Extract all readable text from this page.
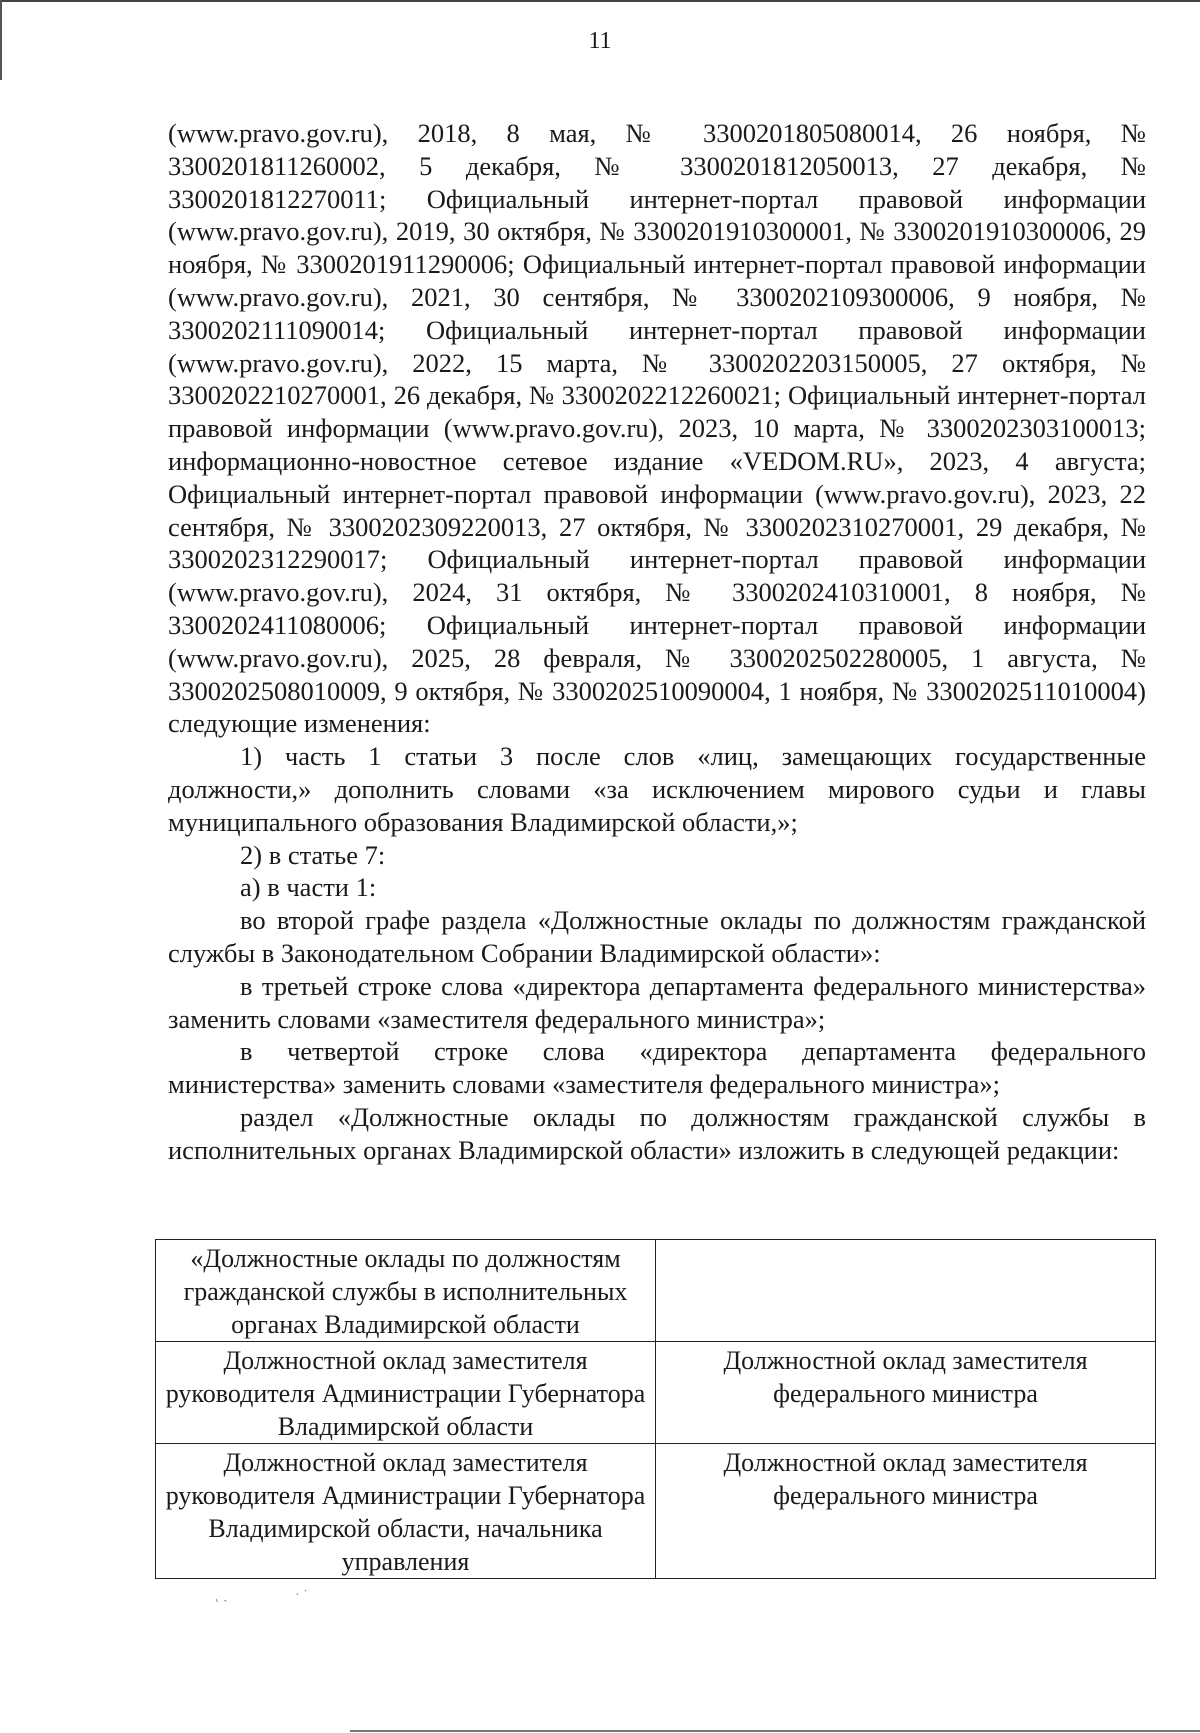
11

(www.pravo.gov.ru), 2018, 8 мая, № 3300201805080014, 26 ноября, № 3300201811260002, 5 декабря, № 3300201812050013, 27 декабря, № 3300201812270011; Официальный интернет-портал правовой информации (www.pravo.gov.ru), 2019, 30 октября, № 3300201910300001, № 3300201910300006, 29 ноября, № 3300201911290006; Официальный интернет-портал правовой информации (www.pravo.gov.ru), 2021, 30 сентября, № 3300202109300006, 9 ноября, № 3300202111090014; Официальный интернет-портал правовой информации (www.pravo.gov.ru), 2022, 15 марта, № 3300202203150005, 27 октября, № 3300202210270001, 26 декабря, № 3300202212260021; Официальный интернет-портал правовой информации (www.pravo.gov.ru), 2023, 10 марта, № 3300202303100013; информационно-новостное сетевое издание «VEDOM.RU», 2023, 4 августа; Официальный интернет-портал правовой информации (www.pravo.gov.ru), 2023, 22 сентября, № 3300202309220013, 27 октября, № 3300202310270001, 29 декабря, № 3300202312290017; Официальный интернет-портал правовой информации (www.pravo.gov.ru), 2024, 31 октября, № 3300202410310001, 8 ноября, № 3300202411080006; Официальный интернет-портал правовой информации (www.pravo.gov.ru), 2025, 28 февраля, № 3300202502280005, 1 августа, № 3300202508010009, 9 октября, № 3300202510090004, 1 ноября, № 3300202511010004) следующие изменения:

1) часть 1 статьи 3 после слов «лиц, замещающих государственные должности,» дополнить словами «за исключением мирового судьи и главы муниципального образования Владимирской области,»;

2) в статье 7:

а) в части 1:

во второй графе раздела «Должностные оклады по должностям гражданской службы в Законодательном Собрании Владимирской области»:

в третьей строке слова «директора департамента федерального министерства» заменить словами «заместителя федерального министра»;

в четвертой строке слова «директора департамента федерального министерства» заменить словами «заместителя федерального министра»;

раздел «Должностные оклады по должностям гражданской службы в исполнительных органах Владимирской области» изложить в следующей редакции:

«Должностные оклады по должностям гражданской службы в исполнительных органах Владимирской области	
Должностной оклад заместителя руководителя Администрации Губернатора Владимирской области	Должностной оклад заместителя федерального министра
Должностной оклад заместителя руководителя Администрации Губернатора Владимирской области, начальника управления	Должностной оклад заместителя федерального министра
˛ ˎ	· ˙
